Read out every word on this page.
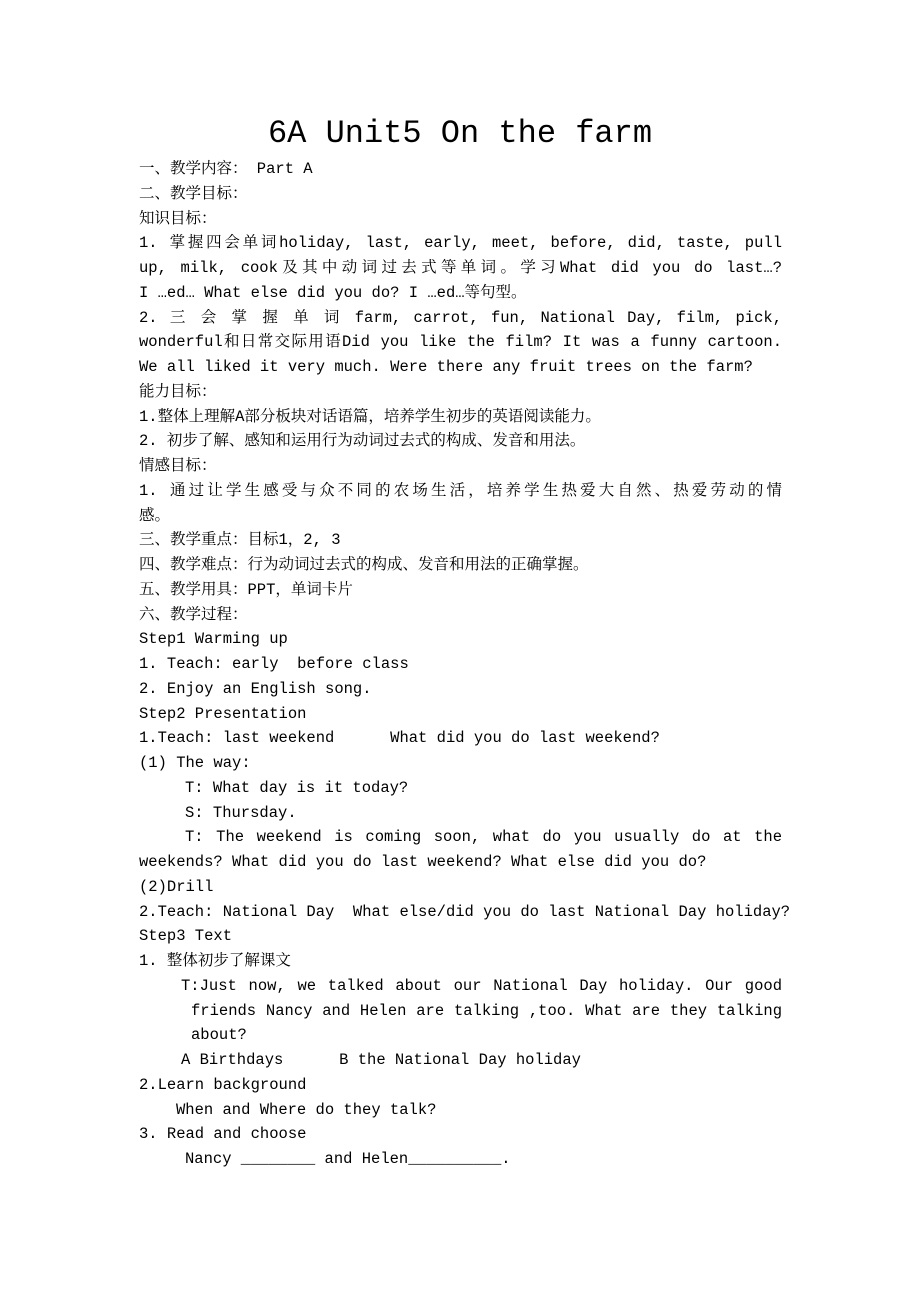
6A Unit5 On the farm
一、教学内容： Part A
二、教学目标：
知识目标：
1. 掌握四会单词holiday, last, early, meet, before, did, taste, pull
up, milk, cook及其中动词过去式等单词。学习What did you do last…?
I …ed… What else did you do? I …ed…等句型。
2. 三 会 掌 握 单 词 farm, carrot, fun, National Day, film, pick,
wonderful和日常交际用语Did you like the film? It was a funny cartoon.
We all liked it very much. Were there any fruit trees on the farm?
能力目标：
1.整体上理解A部分板块对话语篇，培养学生初步的英语阅读能力。
2. 初步了解、感知和运用行为动词过去式的构成、发音和用法。
情感目标：
1. 通过让学生感受与众不同的农场生活，培养学生热爱大自然、热爱劳动的情
感。
三、教学重点：目标1，2, 3
四、教学难点：行为动词过去式的构成、发音和用法的正确掌握。
五、教学用具：PPT，单词卡片
六、教学过程：
Step1 Warming up
1. Teach: early  before class
2. Enjoy an English song.
Step2 Presentation
1.Teach: last weekend      What did you do last weekend?
(1) The way:
T: What day is it today?
S: Thursday.
T: The weekend is coming soon, what do you usually do at the
weekends? What did you do last weekend? What else did you do?
(2)Drill
2.Teach: National Day  What else/did you do last National Day holiday?
Step3 Text
1. 整体初步了解课文
T:Just now, we talked about our National Day holiday. Our good
friends Nancy and Helen are talking ,too. What are they talking
about?
A Birthdays      B the National Day holiday
2.Learn background
When and Where do they talk?
3. Read and choose
Nancy ________ and Helen__________.
